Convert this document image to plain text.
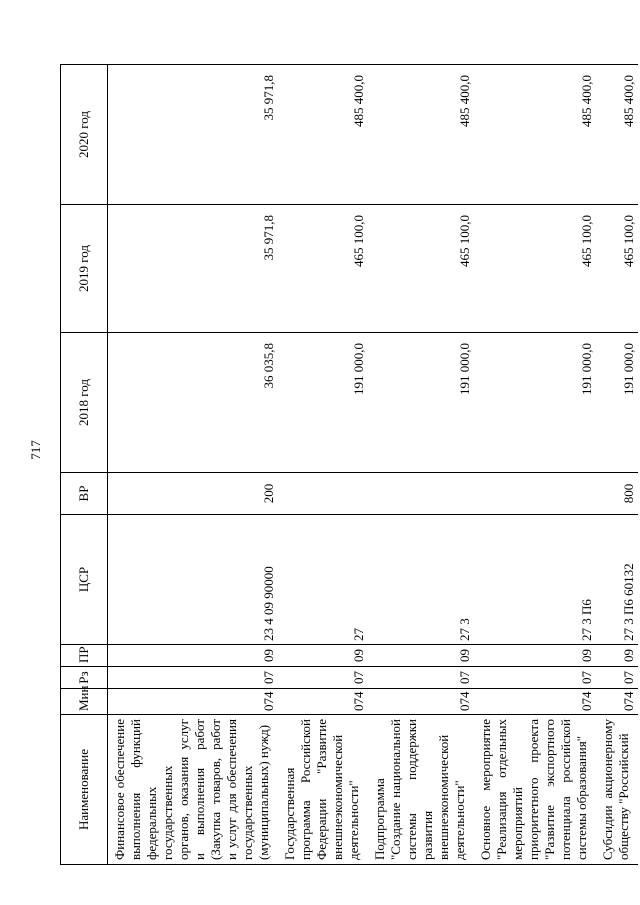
717
Наименование	Мин	Рз	ПР	ЦСР	ВР	2018 год	2019 год	2020 год
Финансовое обеспечение выполнения функций федеральных государственных органов, оказания услуг и выполнения работ (Закупка товаров, работ и услуг для обеспечения государственных (муниципальных) нужд)	074	07	09	23 4 09 90000	200	36 035,8	35 971,8	35 971,8
Государственная программа Российской Федерации "Развитие внешнеэкономической деятельности"	074	07	09	27		191 000,0	465 100,0	485 400,0
Подпрограмма "Создание национальной системы поддержки развития внешнеэкономической деятельности"	074	07	09	27 3		191 000,0	465 100,0	485 400,0
Основное мероприятие "Реализация отдельных мероприятий приоритетного проекта "Развитие экспортного потенциала российской системы образования"	074	07	09	27 3 П6		191 000,0	465 100,0	485 400,0
Субсидии акционерному обществу "Российский	074	07	09	27 3 П6 60132	800	191 000,0	465 100,0	485 400,0
